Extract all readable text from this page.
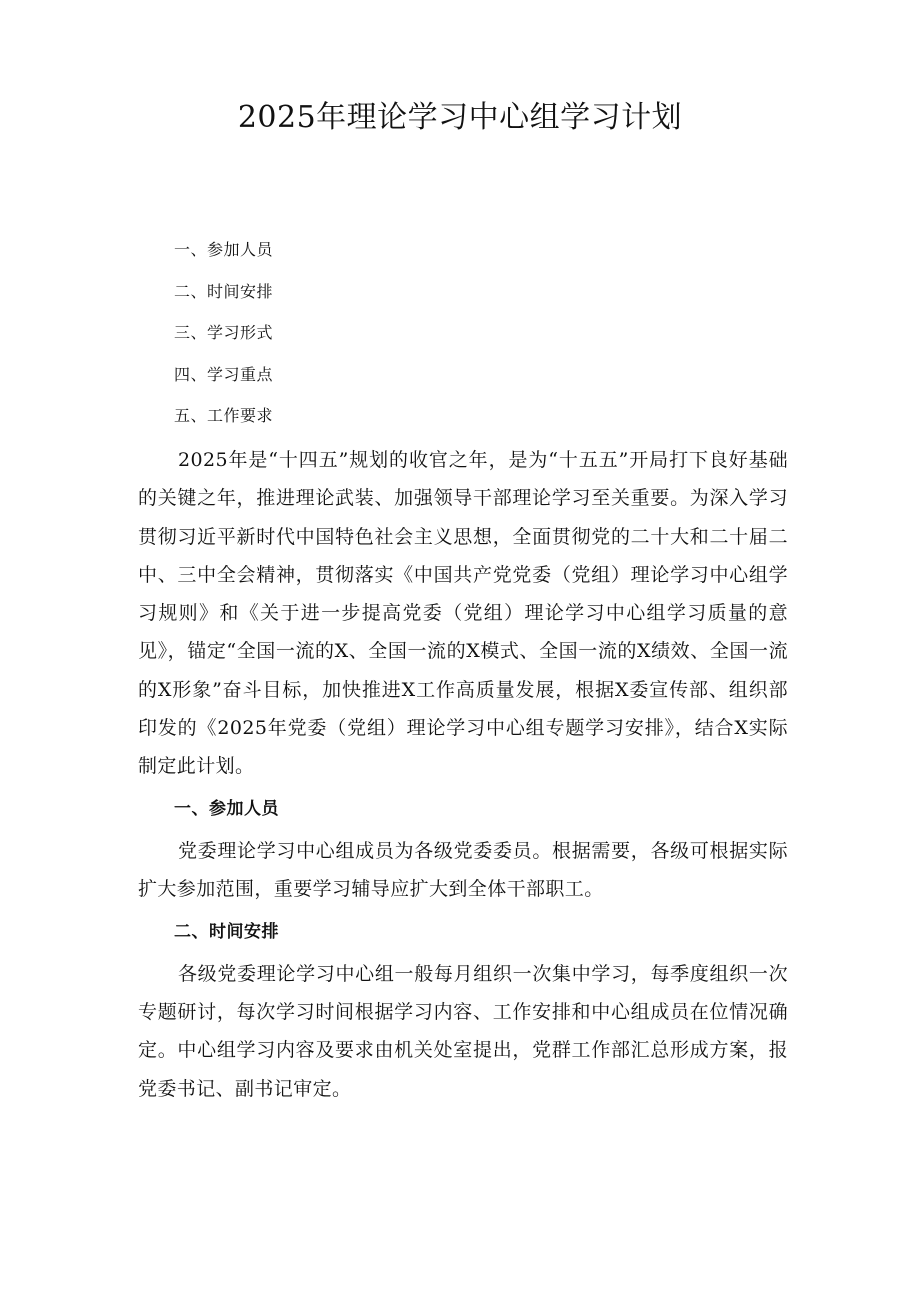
2025年理论学习中心组学习计划
一、参加人员
二、时间安排
三、学习形式
四、学习重点
五、工作要求

2025年是“十四五”规划的收官之年，是为“十五五”开局打下良好基础的关键之年，推进理论武装、加强领导干部理论学习至关重要。为深入学习贯彻习近平新时代中国特色社会主义思想，全面贯彻党的二十大和二十届二中、三中全会精神，贯彻落实《中国共产党党委（党组）理论学习中心组学习规则》和《关于进一步提高党委（党组）理论学习中心组学习质量的意见》，锚定“全国一流的X、全国一流的X模式、全国一流的X绩效、全国一流的X形象”奋斗目标，加快推进X工作高质量发展，根据X委宣传部、组织部印发的《2025年党委（党组）理论学习中心组专题学习安排》，结合X实际制定此计划。

一、参加人员

党委理论学习中心组成员为各级党委委员。根据需要，各级可根据实际扩大参加范围，重要学习辅导应扩大到全体干部职工。

二、时间安排

各级党委理论学习中心组一般每月组织一次集中学习，每季度组织一次专题研讨，每次学习时间根据学习内容、工作安排和中心组成员在位情况确定。中心组学习内容及要求由机关处室提出，党群工作部汇总形成方案，报党委书记、副书记审定。
